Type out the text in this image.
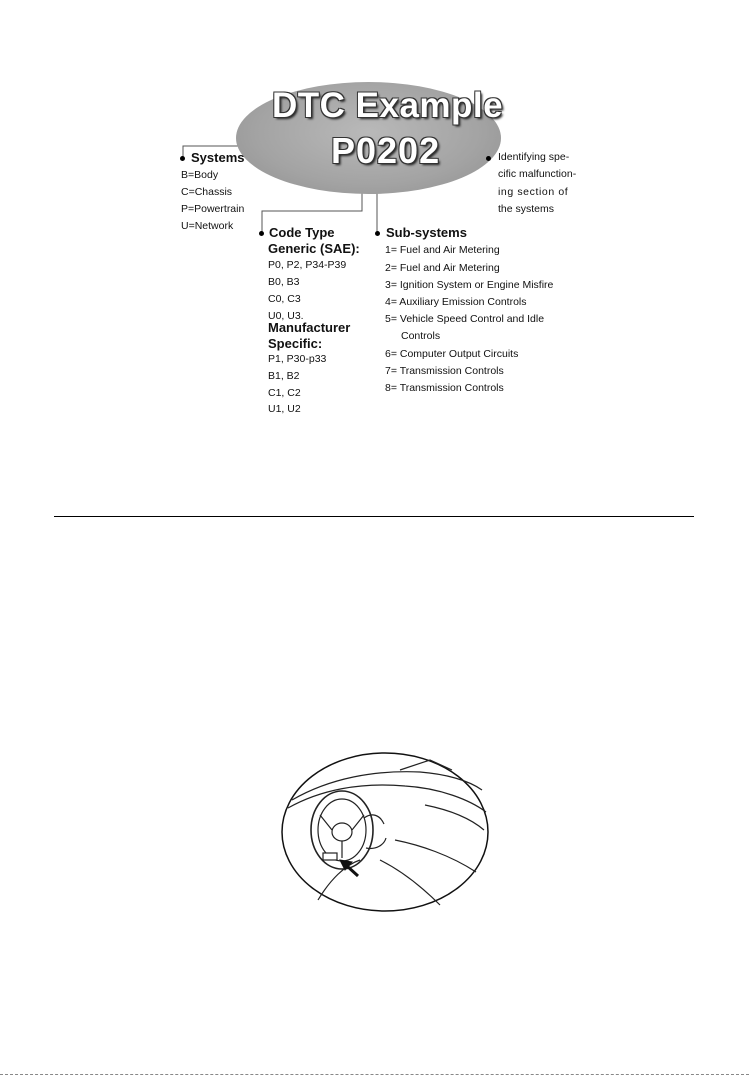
DTC Example
P0202
Systems
B=Body
C=Chassis
P=Powertrain
U=Network	Code Type
Generic (SAE):
P0, P2, P34-P39
B0, B3
C0, C3
U0, U3.
Manufacturer
Specific:
P1, P30-p33
B1, B2
C1, C2
U1, U2
Sub-systems
1= Fuel and Air Metering
2= Fuel and Air Metering
3= Ignition System or Engine Misfire
4= Auxiliary Emission Controls
5= Vehicle Speed Control and Idle
Controls
6= Computer Output Circuits
7= Transmission Controls
8= Transmission Controls
Identifying spe-
cific malfunction-
ing section of
the systems
